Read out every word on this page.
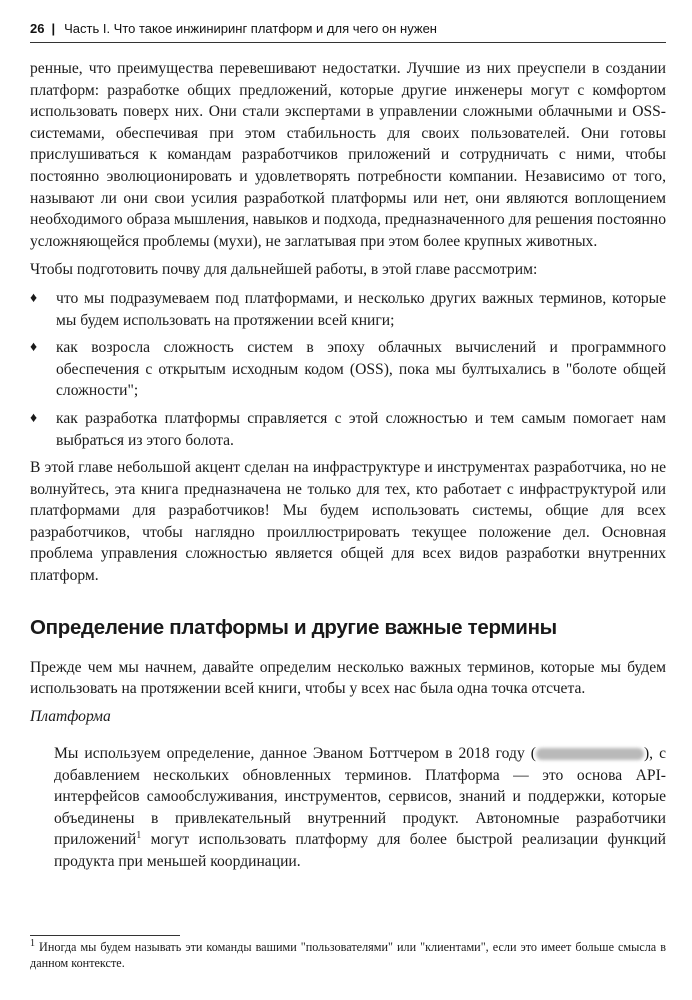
26 | Часть I. Что такое инжиниринг платформ и для чего он нужен

ренные, что преимущества перевешивают недостатки. Лучшие из них преуспели в создании платформ: разработке общих предложений, которые другие инженеры могут с комфортом использовать поверх них. Они стали экспертами в управлении сложными облачными и OSS-системами, обеспечивая при этом стабильность для своих пользователей. Они готовы прислушиваться к командам разработчиков приложений и сотрудничать с ними, чтобы постоянно эволюционировать и удовлетворять потребности компании. Независимо от того, называют ли они свои усилия разработкой платформы или нет, они являются воплощением необходимого образа мышления, навыков и подхода, предназначенного для решения постоянно усложняющейся проблемы (мухи), не заглатывая при этом более крупных животных.

Чтобы подготовить почву для дальнейшей работы, в этой главе рассмотрим:

♦ что мы подразумеваем под платформами, и несколько других важных терминов, которые мы будем использовать на протяжении всей книги;
♦ как возросла сложность систем в эпоху облачных вычислений и программного обеспечения с открытым исходным кодом (OSS), пока мы бултыхались в "болоте общей сложности";
♦ как разработка платформы справляется с этой сложностью и тем самым помогает нам выбраться из этого болота.

В этой главе небольшой акцент сделан на инфраструктуре и инструментах разработчика, но не волнуйтесь, эта книга предназначена не только для тех, кто работает с инфраструктурой или платформами для разработчиков! Мы будем использовать системы, общие для всех разработчиков, чтобы наглядно проиллюстрировать текущее положение дел. Основная проблема управления сложностью является общей для всех видов разработки внутренних платформ.

Определение платформы и другие важные термины

Прежде чем мы начнем, давайте определим несколько важных терминов, которые мы будем использовать на протяжении всей книги, чтобы у всех нас была одна точка отсчета.

Платформа

Мы используем определение, данное Эваном Боттчером в 2018 году (	), с добавлением нескольких обновленных терминов. Платформа — это основа API-интерфейсов самообслуживания, инструментов, сервисов, знаний и поддержки, которые объединены в привлекательный внутренний продукт. Автономные разработчики приложений$^1$ могут использовать платформу для более быстрой реализации функций продукта при меньшей координации.

$^1$ Иногда мы будем называть эти команды вашими "пользователями" или "клиентами", если это имеет больше смысла в данном контексте.
